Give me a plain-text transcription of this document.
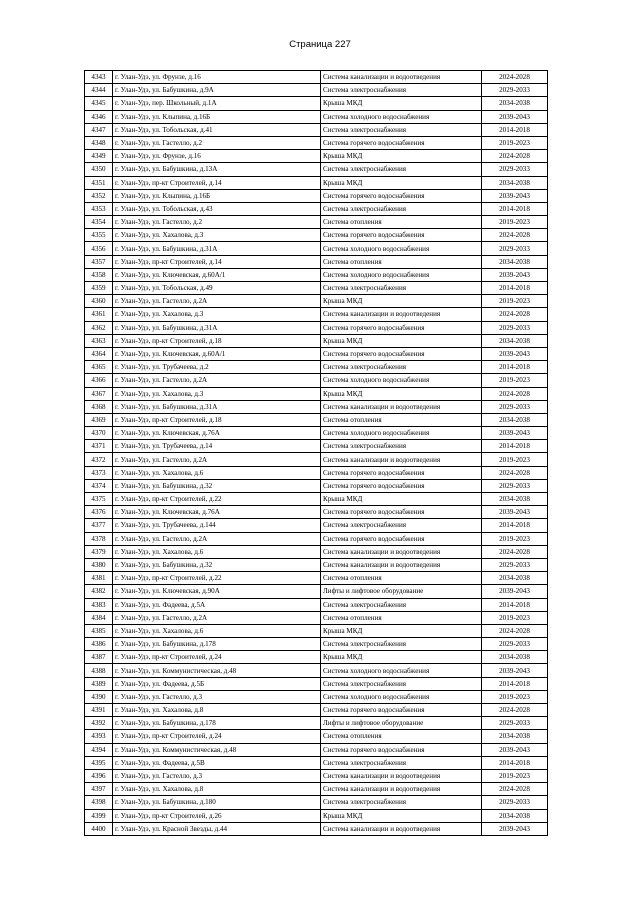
Страница 227
4343	г. Улан-Удэ, ул. Фрунзе, д.16	Система канализации и водоотведения	2024-2028
4344	г. Улан-Удэ, ул. Бабушкина, д.9А	Система электроснабжения	2029-2033
4345	г. Улан-Удэ, пер. Школьный, д.1А	Крыша МКД	2034-2038
4346	г. Улан-Удэ, ул. Клыпина, д.16Б	Система холодного водоснабжения	2039-2043
4347	г. Улан-Удэ, ул. Тобольская, д.41	Система электроснабжения	2014-2018
4348	г. Улан-Удэ, ул. Гастелло, д.2	Система горячего водоснабжения	2019-2023
4349	г. Улан-Удэ, ул. Фрунзе, д.16	Крыша МКД	2024-2028
4350	г. Улан-Удэ, ул. Бабушкина, д.13А	Система электроснабжения	2029-2033
4351	г. Улан-Удэ, пр-кт Строителей, д.14	Крыша МКД	2034-2038
4352	г. Улан-Удэ, ул. Клыпина, д.16Б	Система горячего водоснабжения	2039-2043
4353	г. Улан-Удэ, ул. Тобольская, д.43	Система электроснабжения	2014-2018
4354	г. Улан-Удэ, ул. Гастелло, д.2	Система отопления	2019-2023
4355	г. Улан-Удэ, ул. Хахалова, д.3	Система горячего водоснабжения	2024-2028
4356	г. Улан-Удэ, ул. Бабушкина, д.31А	Система холодного водоснабжения	2029-2033
4357	г. Улан-Удэ, пр-кт Строителей, д.14	Система отопления	2034-2038
4358	г. Улан-Удэ, ул. Ключевская, д.60А/1	Система холодного водоснабжения	2039-2043
4359	г. Улан-Удэ, ул. Тобольская, д.49	Система электроснабжения	2014-2018
4360	г. Улан-Удэ, ул. Гастелло, д.2А	Крыша МКД	2019-2023
4361	г. Улан-Удэ, ул. Хахалова, д.3	Система канализации и водоотведения	2024-2028
4362	г. Улан-Удэ, ул. Бабушкина, д.31А	Система горячего водоснабжения	2029-2033
4363	г. Улан-Удэ, пр-кт Строителей, д.18	Крыша МКД	2034-2038
4364	г. Улан-Удэ, ул. Ключевская, д.60А/1	Система горячего водоснабжения	2039-2043
4365	г. Улан-Удэ, ул. Трубачеева, д.2	Система электроснабжения	2014-2018
4366	г. Улан-Удэ, ул. Гастелло, д.2А	Система холодного водоснабжения	2019-2023
4367	г. Улан-Удэ, ул. Хахалова, д.3	Крыша МКД	2024-2028
4368	г. Улан-Удэ, ул. Бабушкина, д.31А	Система канализации и водоотведения	2029-2033
4369	г. Улан-Удэ, пр-кт Строителей, д.18	Система отопления	2034-2038
4370	г. Улан-Удэ, ул. Ключевская, д.76А	Система холодного водоснабжения	2039-2043
4371	г. Улан-Удэ, ул. Трубачеева, д.14	Система электроснабжения	2014-2018
4372	г. Улан-Удэ, ул. Гастелло, д.2А	Система канализации и водоотведения	2019-2023
4373	г. Улан-Удэ, ул. Хахалова, д.6	Система горячего водоснабжения	2024-2028
4374	г. Улан-Удэ, ул. Бабушкина, д.32	Система горячего водоснабжения	2029-2033
4375	г. Улан-Удэ, пр-кт Строителей, д.22	Крыша МКД	2034-2038
4376	г. Улан-Удэ, ул. Ключевская, д.76А	Система горячего водоснабжения	2039-2043
4377	г. Улан-Удэ, ул. Трубачеева, д.144	Система электроснабжения	2014-2018
4378	г. Улан-Удэ, ул. Гастелло, д.2А	Система горячего водоснабжения	2019-2023
4379	г. Улан-Удэ, ул. Хахалова, д.6	Система канализации и водоотведения	2024-2028
4380	г. Улан-Удэ, ул. Бабушкина, д.32	Система канализации и водоотведения	2029-2033
4381	г. Улан-Удэ, пр-кт Строителей, д.22	Система отопления	2034-2038
4382	г. Улан-Удэ, ул. Ключевская, д.90А	Лифты и лифтовое оборудование	2039-2043
4383	г. Улан-Удэ, ул. Фадеева, д.5А	Система электроснабжения	2014-2018
4384	г. Улан-Удэ, ул. Гастелло, д.2А	Система отопления	2019-2023
4385	г. Улан-Удэ, ул. Хахалова, д.6	Крыша МКД	2024-2028
4386	г. Улан-Удэ, ул. Бабушкина, д.178	Система электроснабжения	2029-2033
4387	г. Улан-Удэ, пр-кт Строителей, д.24	Крыша МКД	2034-2038
4388	г. Улан-Удэ, ул. Коммунистическая, д.48	Система холодного водоснабжения	2039-2043
4389	г. Улан-Удэ, ул. Фадеева, д.5Б	Система электроснабжения	2014-2018
4390	г. Улан-Удэ, ул. Гастелло, д.3	Система холодного водоснабжения	2019-2023
4391	г. Улан-Удэ, ул. Хахалова, д.8	Система горячего водоснабжения	2024-2028
4392	г. Улан-Удэ, ул. Бабушкина, д.178	Лифты и лифтовое оборудование	2029-2033
4393	г. Улан-Удэ, пр-кт Строителей, д.24	Система отопления	2034-2038
4394	г. Улан-Удэ, ул. Коммунистическая, д.48	Система горячего водоснабжения	2039-2043
4395	г. Улан-Удэ, ул. Фадеева, д.5В	Система электроснабжения	2014-2018
4396	г. Улан-Удэ, ул. Гастелло, д.3	Система канализации и водоотведения	2019-2023
4397	г. Улан-Удэ, ул. Хахалова, д.8	Система канализации и водоотведения	2024-2028
4398	г. Улан-Удэ, ул. Бабушкина, д.180	Система электроснабжения	2029-2033
4399	г. Улан-Удэ, пр-кт Строителей, д.26	Крыша МКД	2034-2038
4400	г. Улан-Удэ, ул. Красной Звезды, д.44	Система канализации и водоотведения	2039-2043
